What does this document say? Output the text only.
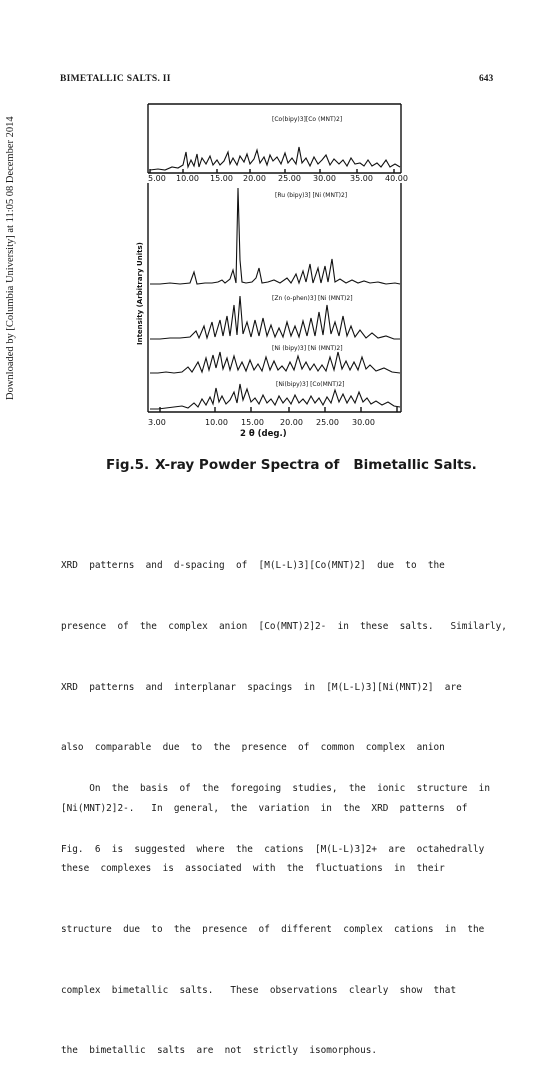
BIMETALLIC SALTS. II	643
Downloaded by [Columbia University] at 11:05 08 December 2014	5.00 10.00 15.00 20.00 25.00 30.00 35.00 40.00
[Co(bipy)3][Co (MNT)2]
[Ru (bipy)3] [Ni (MNT)2]
[Zn (o-phen)3] [Ni (MNT)2]
[Ni (bipy)3] [Ni (MNT)2]
[Ni(bipy)3] [Co(MNT)2]
3.00	10.00 15.00 20.00 25.00 30.00
2 θ (deg.)
Intensity (Arbitrary Units)
Fig.5. X-ray Powder Spectra of Bimetallic Salts.

XRD  patterns  and  d-spacing  of  [M(L-L)3][Co(MNT)2]  due  to  the

presence  of  the  complex  anion  [Co(MNT)2]2-  in  these  salts.   Similarly,

XRD  patterns  and  interplanar  spacings  in  [M(L-L)3][Ni(MNT)2]  are

also  comparable  due  to  the  presence  of  common  complex  anion

[Ni(MNT)2]2-.   In  general,  the  variation  in  the  XRD  patterns  of

these  complexes  is  associated  with  the  fluctuations  in  their

structure  due  to  the  presence  of  different  complex  cations  in  the

complex  bimetallic  salts.   These  observations  clearly  show  that

the  bimetallic  salts  are  not  strictly  isomorphous.

On  the  basis  of  the  foregoing  studies,  the  ionic  structure  in

Fig.  6  is  suggested  where  the  cations  [M(L-L)3]2+  are  octahedrally
